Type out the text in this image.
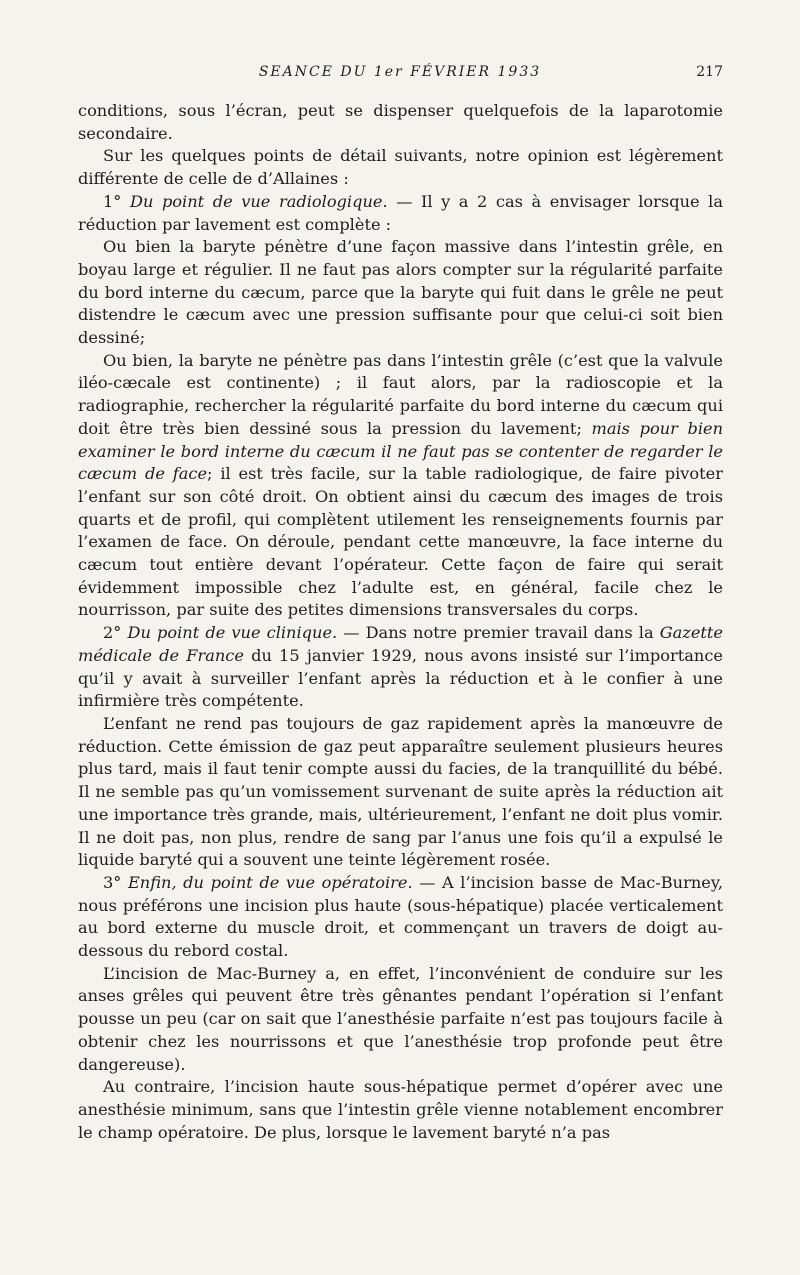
SEANCE DU 1er FÉVRIER 1933	217

conditions, sous l’écran, peut se dispenser quelquefois de la laparotomie secondaire.

Sur les quelques points de détail suivants, notre opinion est légèrement différente de celle de d’Allaines :

1° Du point de vue radiologique. — Il y a 2 cas à envisager lorsque la réduction par lavement est complète :

Ou bien la baryte pénètre d’une façon massive dans l’intestin grêle, en boyau large et régulier. Il ne faut pas alors compter sur la régularité parfaite du bord interne du cæcum, parce que la baryte qui fuit dans le grêle ne peut distendre le cæcum avec une pression suffisante pour que celui-ci soit bien dessiné;

Ou bien, la baryte ne pénètre pas dans l’intestin grêle (c’est que la valvule iléo-cæcale est continente) ; il faut alors, par la radioscopie et la radiographie, rechercher la régularité parfaite du bord interne du cæcum qui doit être très bien dessiné sous la pression du lavement; mais pour bien examiner le bord interne du cæcum il ne faut pas se contenter de regarder le cæcum de face; il est très facile, sur la table radiologique, de faire pivoter l’enfant sur son côté droit. On obtient ainsi du cæcum des images de trois quarts et de profil, qui complètent utilement les renseignements fournis par l’examen de face. On déroule, pendant cette manœuvre, la face interne du cæcum tout entière devant l’opérateur. Cette façon de faire qui serait évidemment impossible chez l’adulte est, en général, facile chez le nourrisson, par suite des petites dimensions transversales du corps.

2° Du point de vue clinique. — Dans notre premier travail dans la Gazette médicale de France du 15 janvier 1929, nous avons insisté sur l’importance qu’il y avait à surveiller l’enfant après la réduction et à le confier à une infirmière très compétente.

L’enfant ne rend pas toujours de gaz rapidement après la manœuvre de réduction. Cette émission de gaz peut apparaître seulement plusieurs heures plus tard, mais il faut tenir compte aussi du facies, de la tranquillité du bébé. Il ne semble pas qu’un vomissement survenant de suite après la réduction ait une importance très grande, mais, ultérieurement, l’enfant ne doit plus vomir. Il ne doit pas, non plus, rendre de sang par l’anus une fois qu’il a expulsé le liquide baryté qui a souvent une teinte légèrement rosée.

3° Enfin, du point de vue opératoire. — A l’incision basse de Mac-Burney, nous préférons une incision plus haute (sous-hépatique) placée verticalement au bord externe du muscle droit, et commençant un travers de doigt au-dessous du rebord costal.

L’incision de Mac-Burney a, en effet, l’inconvénient de conduire sur les anses grêles qui peuvent être très gênantes pendant l’opération si l’enfant pousse un peu (car on sait que l’anesthésie parfaite n’est pas toujours facile à obtenir chez les nourrissons et que l’anesthésie trop profonde peut être dangereuse).

Au contraire, l’incision haute sous-hépatique permet d’opérer avec une anesthésie minimum, sans que l’intestin grêle vienne notablement encombrer le champ opératoire. De plus, lorsque le lavement baryté n’a pas
